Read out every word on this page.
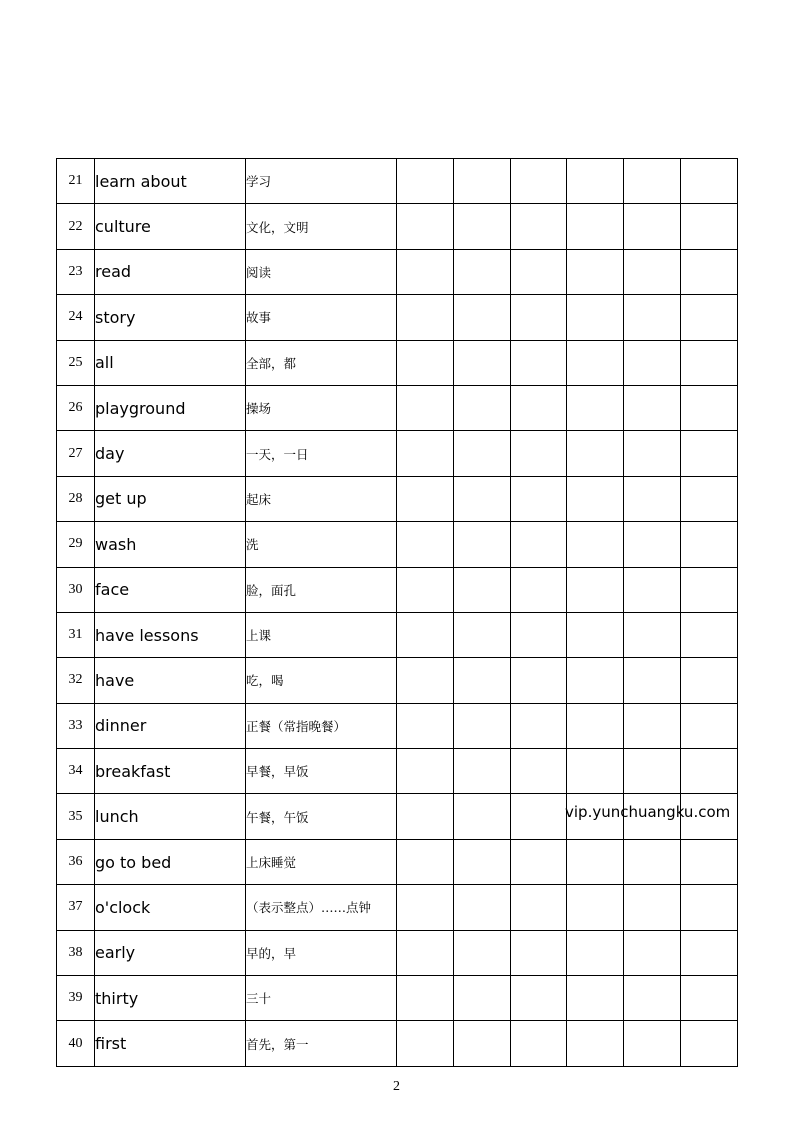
21	learn about	学习						
22	culture	文化，文明						
23	read	阅读						
24	story	故事						
25	all	全部，都						
26	playground	操场						
27	day	一天，一日						
28	get up	起床						
29	wash	洗						
30	face	脸，面孔						
31	have lessons	上课						
32	have	吃，喝						
33	dinner	正餐（常指晚餐）						
34	breakfast	早餐，早饭						
35	lunch	午餐，午饭						
36	go to bed	上床睡觉						
37	o'clock	（表示整点）……点钟						
38	early	早的，早						
39	thirty	三十						
40	first	首先，第一						
vip.yunchuangku.com
2
